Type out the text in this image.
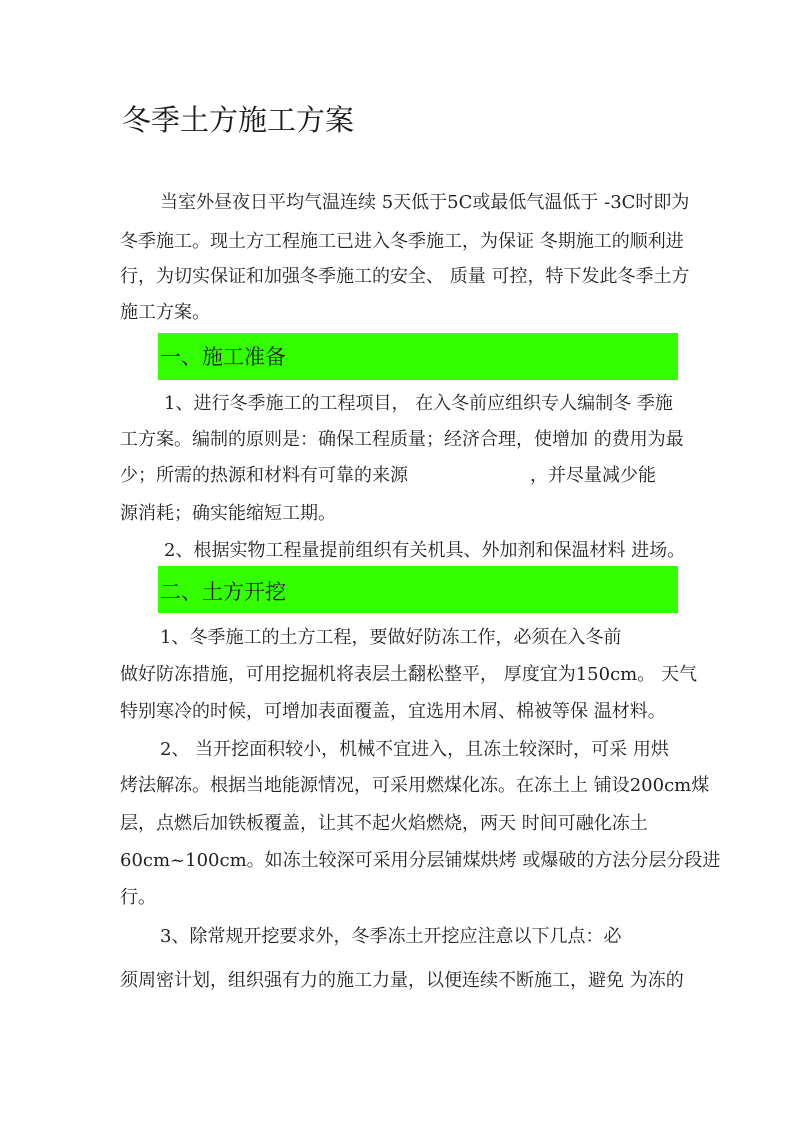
冬季土方施工方案
当室外昼夜日平均气温连续 5天低于5C或最低气温低于 -3C时即为
冬季施工。现土方工程施工已进入冬季施工，为保证 冬期施工的顺利进
行，为切实保证和加强冬季施工的安全、 质量 可控，特下发此冬季土方
施工方案。
一、施工准备
1、进行冬季施工的工程项目， 在入冬前应组织专人编制冬 季施
工方案。编制的原则是：确保工程质量；经济合理，使增加 的费用为最
少；所需的热源和材料有可靠的来源	，并尽量减少能
源消耗；确实能缩短工期。
2、根据实物工程量提前组织有关机具、外加剂和保温材料 进场。
二、土方开挖
1、冬季施工的土方工程，要做好防冻工作，必须在入冬前
做好防冻措施，可用挖掘机将表层土翻松整平， 厚度宜为150cm。 天气
特别寒冷的时候，可增加表面覆盖，宜选用木屑、棉被等保 温材料。
2、 当开挖面积较小，机械不宜进入，且冻土较深时，可采 用烘
烤法解冻。根据当地能源情况，可采用燃煤化冻。在冻土上 铺设200cm煤
层，点燃后加铁板覆盖，让其不起火焰燃烧，两天 时间可融化冻土
60cm~100cm。如冻土较深可采用分层铺煤烘烤 或爆破的方法分层分段进
行。
3、除常规开挖要求外，冬季冻土开挖应注意以下几点：必
须周密计划，组织强有力的施工力量，以便连续不断施工，避免 为冻的
